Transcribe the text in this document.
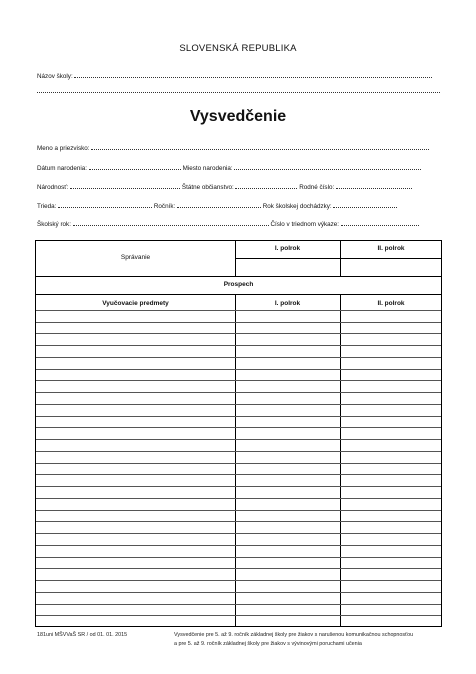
SLOVENSKÁ REPUBLIKA
Názov školy:
Vysvedčenie
Meno a priezvisko:
Dátum narodenia:	Miesto narodenia:
Národnosť:	Štátne občianstvo:	Rodné číslo:
Trieda:	Ročník:	Rok školskej dochádzky:
Školský rok:	Číslo v triednom výkaze:
Správanie
I. polrok	II. polrok
Prospech
Vyučovacie predmety	I. polrok	II. polrok
181uni MŠVVaŠ SR / od 01. 01. 2015	Vysvedčenie pre 5. až 9. ročník základnej školy pre žiakov s narušenou komunikačnou schopnosťou
a pre 5. až 9. ročník základnej školy pre žiakov s vývinovými poruchami učenia
